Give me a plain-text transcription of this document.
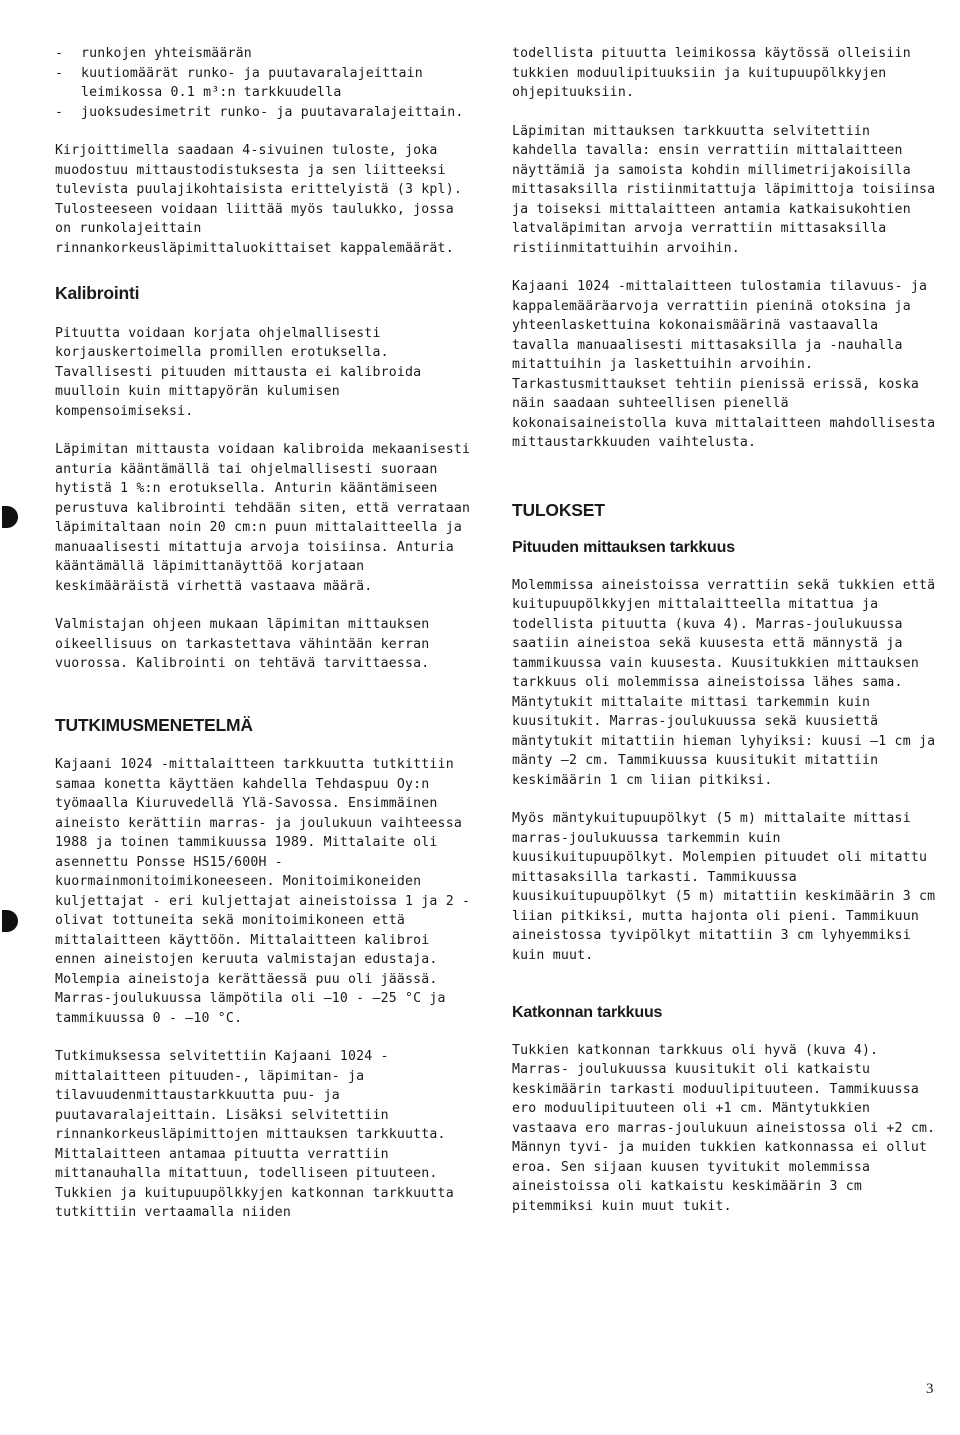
- runkojen yhteismäärän
- kuutiomäärät runko- ja puutavaralajeittain leimikossa 0.1 m³:n tarkkuudella
- juoksudesimetrit runko- ja puutavaralajeittain.

Kirjoittimella saadaan 4-sivuinen tuloste, joka muodostuu mittaustodistuksesta ja sen liitteeksi tulevista puulajikohtaisista erittelyistä (3 kpl). Tulosteeseen voidaan liittää myös taulukko, jossa on runkolajeittain rinnankorkeusläpimittaluokittaiset kappalemäärät.

Kalibrointi

Pituutta voidaan korjata ohjelmallisesti korjauskertoimella promillen erotuksella. Tavallisesti pituuden mittausta ei kalibroida muulloin kuin mittapyörän kulumisen kompensoimiseksi.

Läpimitan mittausta voidaan kalibroida mekaanisesti anturia kääntämällä tai ohjelmallisesti suoraan hytistä 1 %:n erotuksella. Anturin kääntämiseen perustuva kalibrointi tehdään siten, että verrataan läpimitaltaan noin 20 cm:n puun mittalaitteella ja manuaalisesti mitattuja arvoja toisiinsa. Anturia kääntämällä läpimittanäyttöä korjataan keskimääräistä virhettä vastaava määrä.

Valmistajan ohjeen mukaan läpimitan mittauksen oikeellisuus on tarkastettava vähintään kerran vuorossa. Kalibrointi on tehtävä tarvittaessa.

TUTKIMUSMENETELMÄ

Kajaani 1024 -mittalaitteen tarkkuutta tutkittiin samaa konetta käyttäen kahdella Tehdaspuu Oy:n työmaalla Kiuruvedellä Ylä-Savossa. Ensimmäinen aineisto kerättiin marras- ja joulukuun vaihteessa 1988 ja toinen tammikuussa 1989. Mittalaite oli asennettu Ponsse HS15/600H -kuormainmonitoimikoneeseen. Monitoimikoneiden kuljettajat - eri kuljettajat aineistoissa 1 ja 2 - olivat tottuneita sekä monitoimikoneen että mittalaitteen käyttöön. Mittalaitteen kalibroi ennen aineistojen keruuta valmistajan edustaja. Molempia aineistoja kerättäessä puu oli jäässä. Marras-joulukuussa lämpötila oli —10 - —25 °C ja tammikuussa 0 - —10 °C.

Tutkimuksessa selvitettiin Kajaani 1024 -mittalaitteen pituuden-, läpimitan- ja tilavuudenmittaustarkkuutta puu- ja puutavaralajeittain. Lisäksi selvitettiin rinnankorkeusläpimittojen mittauksen tarkkuutta. Mittalaitteen antamaa pituutta verrattiin mittanauhalla mitattuun, todelliseen pituuteen. Tukkien ja kuitupuupölkkyjen katkonnan tarkkuutta tutkittiin vertaamalla niiden

todellista pituutta leimikossa käytössä olleisiin tukkien moduulipituuksiin ja kuitupuupölkkyjen ohjepituuksiin.

Läpimitan mittauksen tarkkuutta selvitettiin kahdella tavalla: ensin verrattiin mittalaitteen näyttämiä ja samoista kohdin millimetrijakoisilla mittasaksilla ristiinmitattuja läpimittoja toisiinsa ja toiseksi mittalaitteen antamia katkaisukohtien latvaläpimitan arvoja verrattiin mittasaksilla ristiinmitattuihin arvoihin.

Kajaani 1024 -mittalaitteen tulostamia tilavuus- ja kappalemääräarvoja verrattiin pieninä otoksina ja yhteenlaskettuina kokonaismäärinä vastaavalla tavalla manuaalisesti mittasaksilla ja -nauhalla mitattuihin ja laskettuihin arvoihin. Tarkastusmittaukset tehtiin pienissä erissä, koska näin saadaan suhteellisen pienellä kokonaisaineistolla kuva mittalaitteen mahdollisesta mittaustarkkuuden vaihtelusta.

TULOKSET
Pituuden mittauksen tarkkuus

Molemmissa aineistoissa verrattiin sekä tukkien että kuitupuupölkkyjen mittalaitteella mitattua ja todellista pituutta (kuva 4). Marras-joulukuussa saatiin aineistoa sekä kuusesta että männystä ja tammikuussa vain kuusesta. Kuusitukkien mittauksen tarkkuus oli molemmissa aineistoissa lähes sama. Mäntytukit mittalaite mittasi tarkemmin kuin kuusitukit. Marras-joulukuussa sekä kuusiettä mäntytukit mitattiin hieman lyhyiksi: kuusi —1 cm ja mänty —2 cm. Tammikuussa kuusitukit mitattiin keskimäärin 1 cm liian pitkiksi.

Myös mäntykuitupuupölkyt (5 m) mittalaite mittasi marras-joulukuussa tarkemmin kuin kuusikuitupuupölkyt. Molempien pituudet oli mitattu mittasaksilla tarkasti. Tammikuussa kuusikuitupuupölkyt (5 m) mitattiin keskimäärin 3 cm liian pitkiksi, mutta hajonta oli pieni. Tammikuun aineistossa tyvipölkyt mitattiin 3 cm lyhyemmiksi kuin muut.

Katkonnan tarkkuus

Tukkien katkonnan tarkkuus oli hyvä (kuva 4). Marras- joulukuussa kuusitukit oli katkaistu keskimäärin tarkasti moduulipituuteen. Tammikuussa ero moduulipituuteen oli +1 cm. Mäntytukkien vastaava ero marras-joulukuun aineistossa oli +2 cm. Männyn tyvi- ja muiden tukkien katkonnassa ei ollut eroa. Sen sijaan kuusen tyvitukit molemmissa aineistoissa oli katkaistu keskimäärin 3 cm pitemmiksi kuin muut tukit.

3
